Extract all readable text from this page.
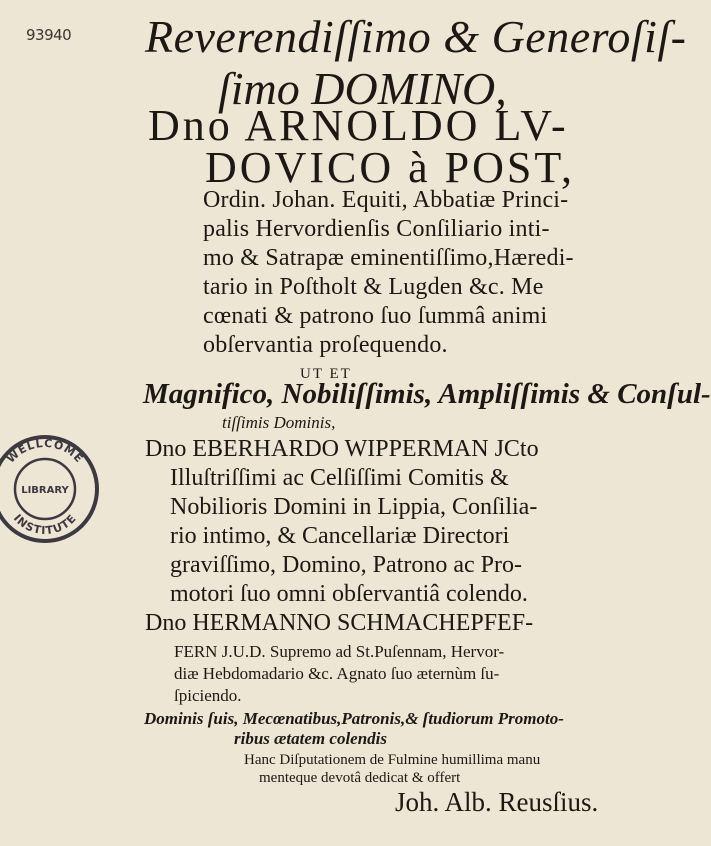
93940 Reverendiſſimo & Generoſiſ-
ſimo DOMINO,
Dno ARNOLDO LV-
DOVICO à POST,
Ordin. Johan. Equiti, Abbatiæ Princi-
palis Hervordienſis Conſiliario inti-
mo & Satrapæ eminentiſſimo,Hæredi-
tario in Poſtholt & Lugden &c. Me
cœnati & patrono ſuo ſummâ animi
obſervantia proſequendo.
UT ET
Magnifico, Nobiliſſimis, Ampliſſimis & Conſul-
tiſſimis Dominis,
Dno EBERHARDO WIPPERMAN JCto
Illuſtriſſimi ac Celſiſſimi Comitis &
Nobilioris Domini in Lippia, Conſilia-
rio intimo, & Cancellariæ Directori
graviſſimo, Domino, Patrono ac Pro-
motori ſuo omni obſervantiâ colendo.
Dno HERMANNO SCHMACHEPFEF-
FERN J.U.D. Supremo ad St.Puſennam, Hervor-
diæ Hebdomadario &c. Agnato ſuo æternùm ſu-
ſpiciendo.
Dominis ſuis, Mecœnatibus,Patronis,& ſtudiorum Promoto-
ribus ætatem colendis
Hanc Diſputationem de Fulmine humillima manu
menteque devotâ dedicat & offert
Joh. Alb. Reusſius.
WELLCOME
LIBRARY
INSTITUTE
